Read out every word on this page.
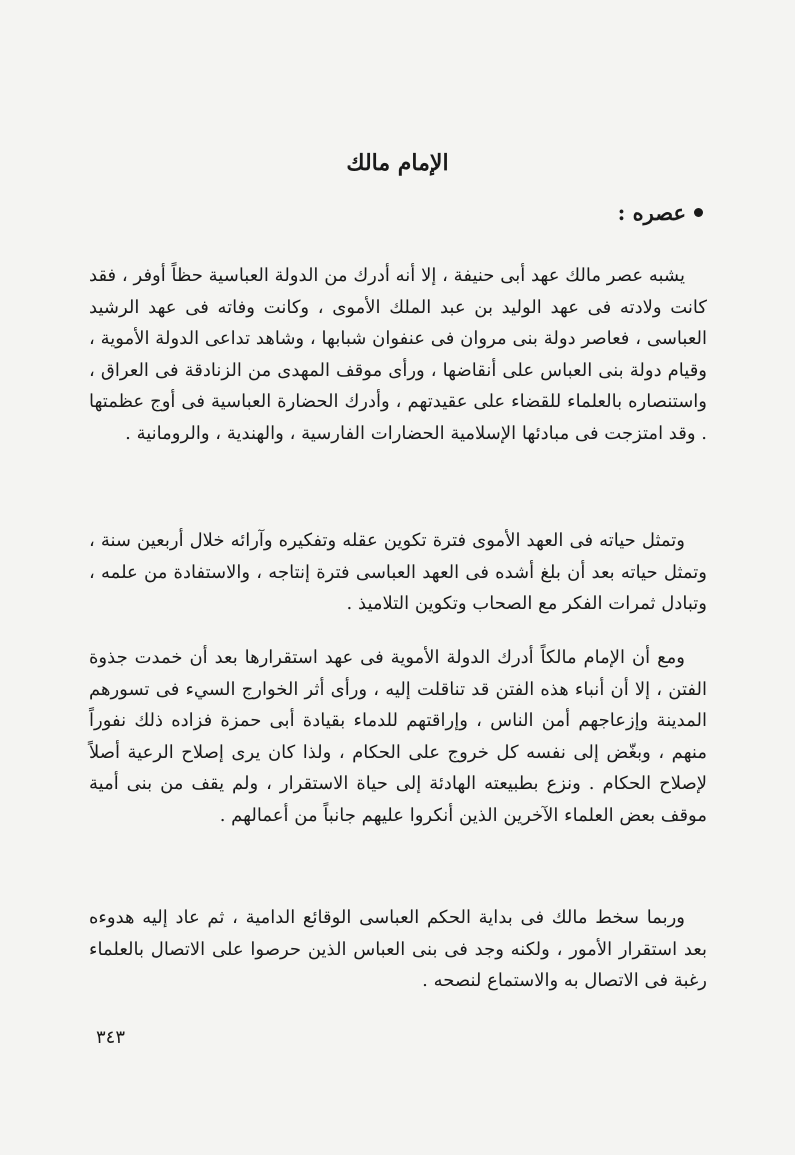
الإمام مالك
عصره :

يشبه عصر مالك عهد أبى حنيفة ، إلا أنه أدرك من الدولة العباسية حظاً أوفر ، فقد كانت ولادته فى عهد الوليد بن عبد الملك الأموى ، وكانت وفاته فى عهد الرشيد العباسى ، فعاصر دولة بنى مروان فى عنفوان شبابها ، وشاهد تداعى الدولة الأموية ، وقيام دولة بنى العباس على أنقاضها ، ورأى موقف المهدى من الزنادقة فى العراق ، واستنصاره بالعلماء للقضاء على عقيدتهم ، وأدرك الحضارة العباسية فى أوج عظمتها . وقد امتزجت فى مبادئها الإسلامية الحضارات الفارسية ، والهندية ، والرومانية .

وتمثل حياته فى العهد الأموى فترة تكوين عقله وتفكيره وآرائه خلال أربعين سنة ، وتمثل حياته بعد أن بلغ أشده فى العهد العباسى فترة إنتاجه ، والاستفادة من علمه ، وتبادل ثمرات الفكر مع الصحاب وتكوين التلاميذ .

ومع أن الإمام مالكاً أدرك الدولة الأموية فى عهد استقرارها بعد أن خمدت جذوة الفتن ، إلا أن أنباء هذه الفتن قد تناقلت إليه ، ورأى أثر الخوارج السيء فى تسورهم المدينة وإزعاجهم أمن الناس ، وإراقتهم للدماء بقيادة أبى حمزة فزاده ذلك نفوراً منهم ، وبغّض إلى نفسه كل خروج على الحكام ، ولذا كان يرى إصلاح الرعية أصلاً لإصلاح الحكام . ونزع بطبيعته الهادئة إلى حياة الاستقرار ، ولم يقف من بنى أمية موقف بعض العلماء الآخرين الذين أنكروا عليهم جانباً من أعمالهم .

وربما سخط مالك فى بداية الحكم العباسى الوقائع الدامية ، ثم عاد إليه هدوءه بعد استقرار الأمور ، ولكنه وجد فى بنى العباس الذين حرصوا على الاتصال بالعلماء رغبة فى الاتصال به والاستماع لنصحه .

٣٤٣
